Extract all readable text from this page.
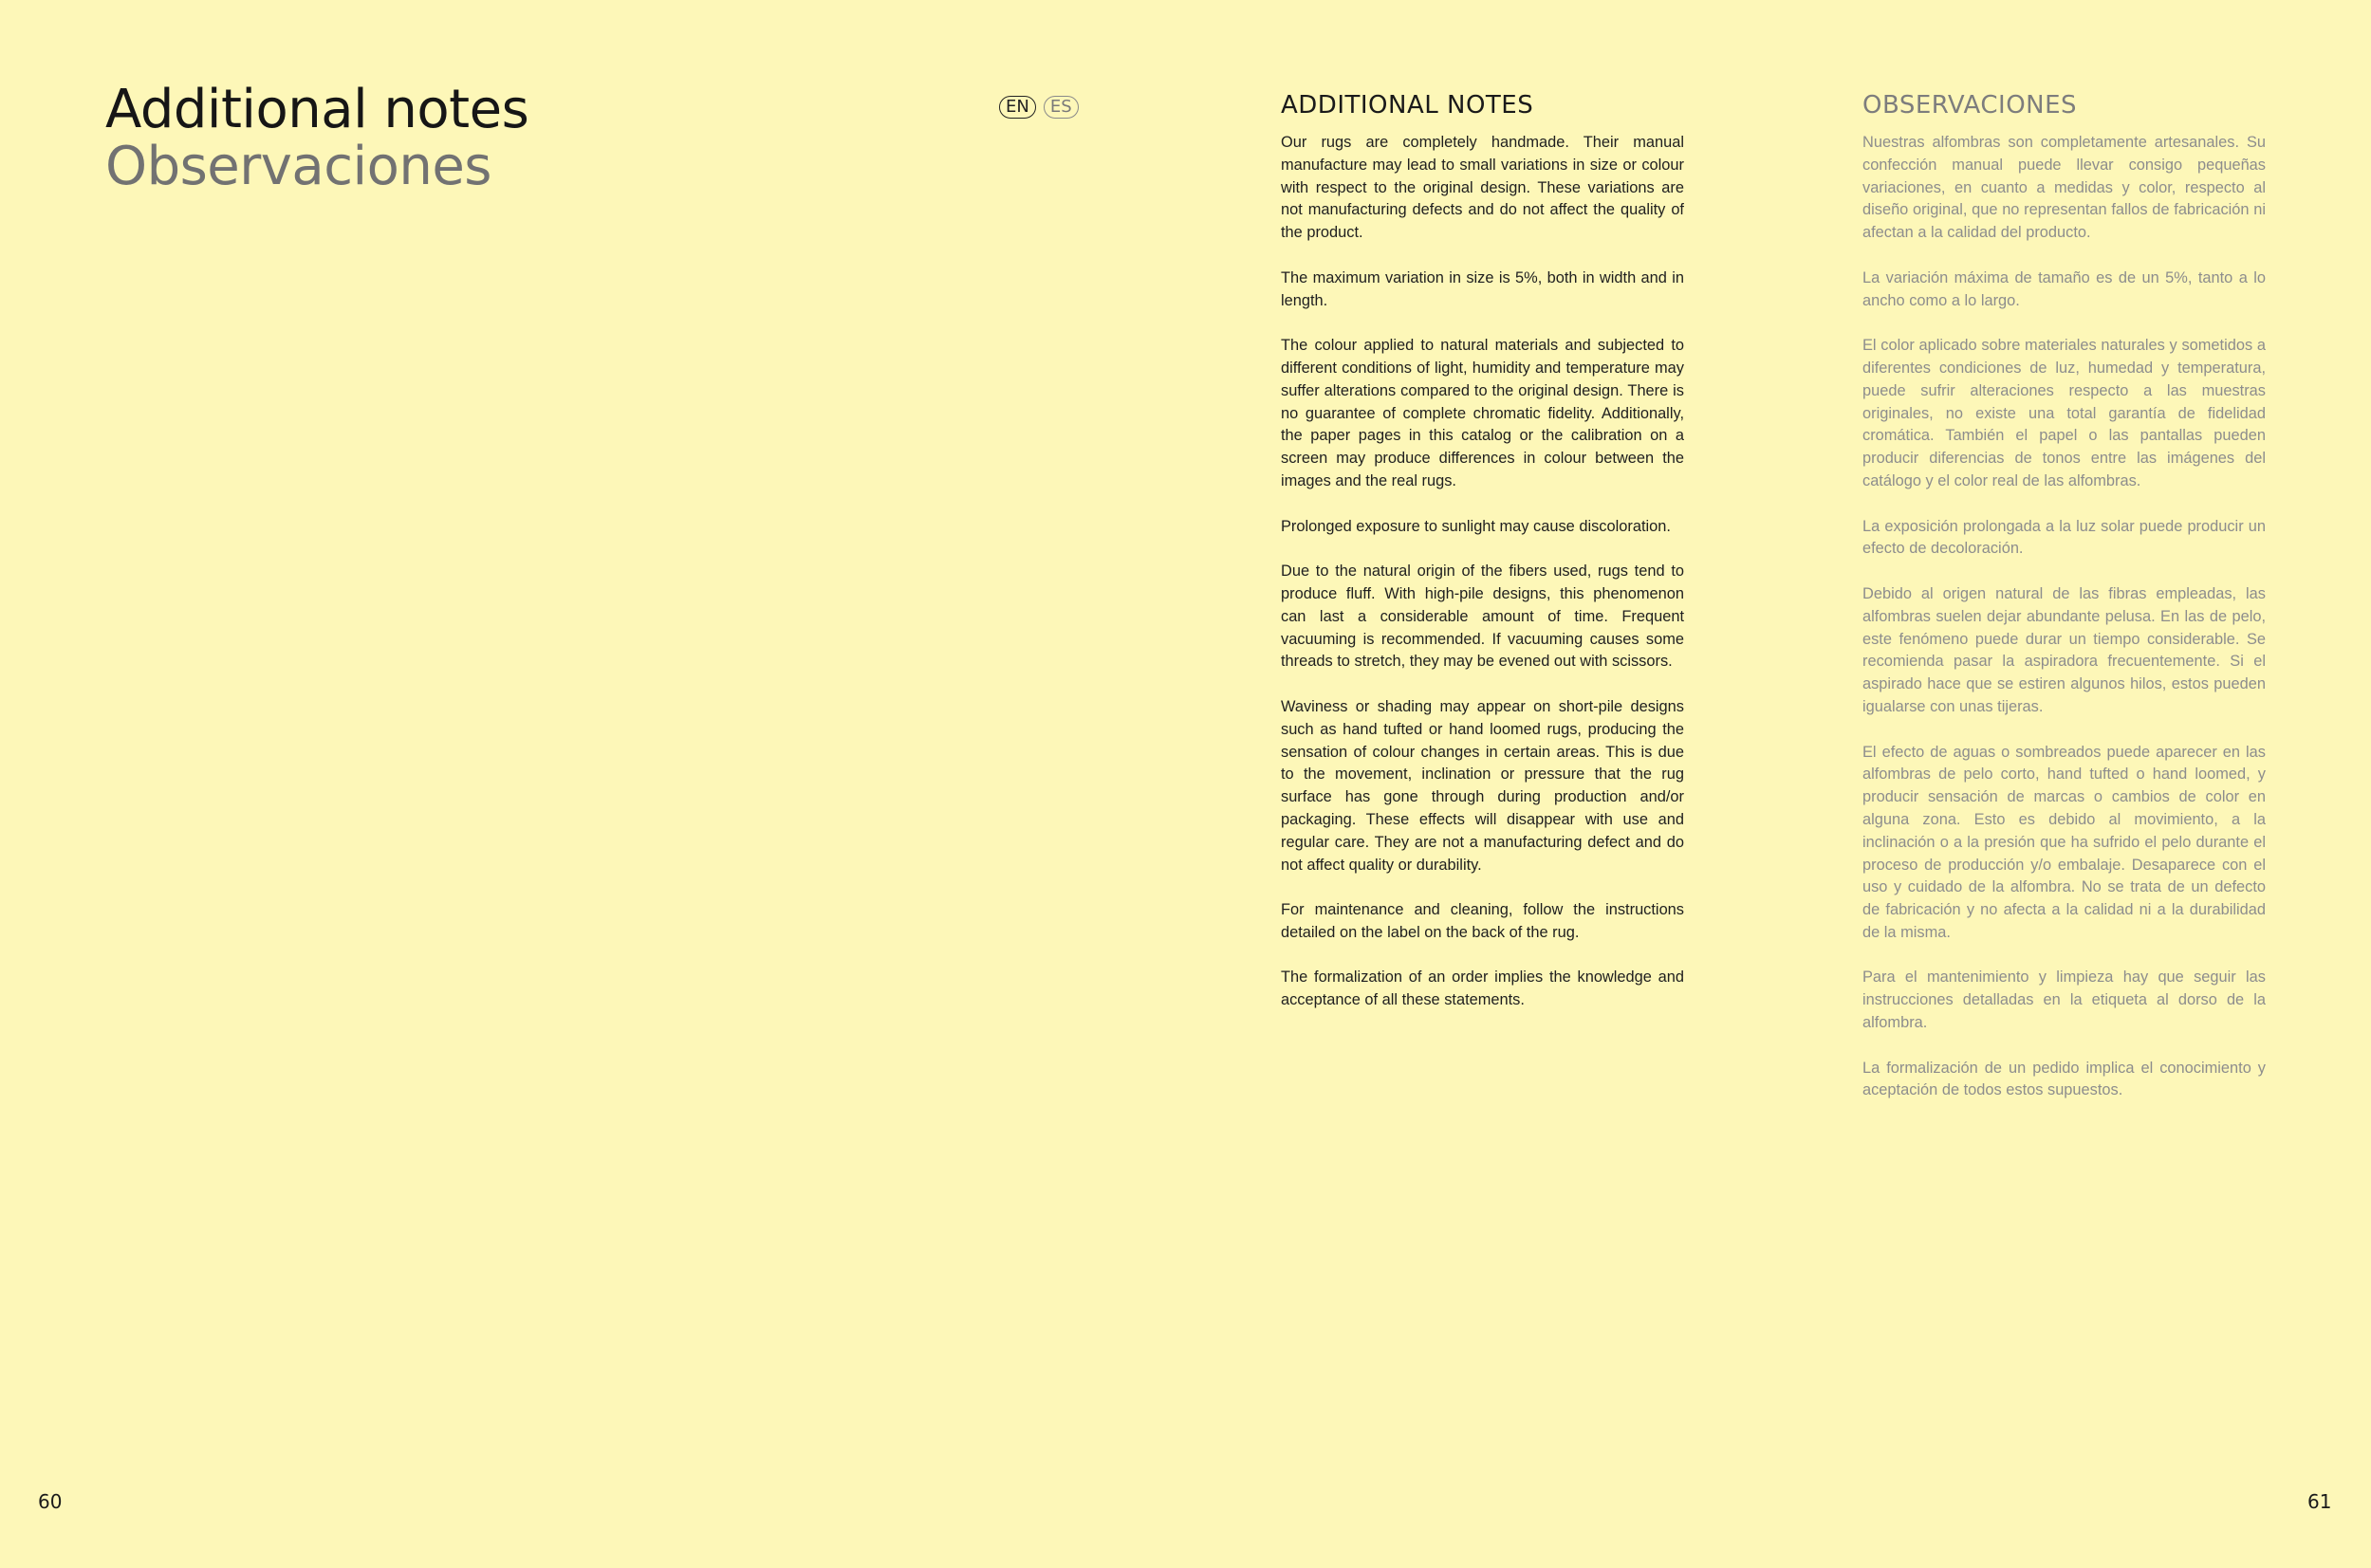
Additional notes
Observaciones
EN	ES	ADDITIONAL NOTES

Our rugs are completely handmade. Their manual manufacture may lead to small variations in size or colour with respect to the original design. These variations are not manufacturing defects and do not affect the quality of the product.

The maximum variation in size is 5%, both in width and in length.

The colour applied to natural materials and subjected to different conditions of light, humidity and temperature may suffer alterations compared to the original design. There is no guarantee of complete chromatic fidelity. Additionally, the paper pages in this catalog or the calibration on a screen may produce differences in colour between the images and the real rugs.

Prolonged exposure to sunlight may cause discoloration.

Due to the natural origin of the fibers used, rugs tend to produce fluff. With high-pile designs, this phenomenon can last a considerable amount of time. Frequent vacuuming is recommended. If vacuuming causes some threads to stretch, they may be evened out with scissors.

Waviness or shading may appear on short-pile designs such as hand tufted or hand loomed rugs, producing the sensation of colour changes in certain areas. This is due to the movement, inclination or pressure that the rug surface has gone through during production and/or packaging. These effects will disappear with use and regular care. They are not a manufacturing defect and do not affect quality or durability.

For maintenance and cleaning, follow the instructions detailed on the label on the back of the rug.

The formalization of an order implies the knowledge and acceptance of all these statements.

OBSERVACIONES

Nuestras alfombras son completamente artesanales. Su confección manual puede llevar consigo pequeñas variaciones, en cuanto a medidas y color, respecto al diseño original, que no representan fallos de fabricación ni afectan a la calidad del producto.

La variación máxima de tamaño es de un 5%, tanto a lo ancho como a lo largo.

El color aplicado sobre materiales naturales y sometidos a diferentes condiciones de luz, humedad y temperatura, puede sufrir alteraciones respecto a las muestras originales, no existe una total garantía de fidelidad cromática. También el papel o las pantallas pueden producir diferencias de tonos entre las imágenes del catálogo y el color real de las alfombras.

La exposición prolongada a la luz solar puede producir un efecto de decoloración.

Debido al origen natural de las fibras empleadas, las alfombras suelen dejar abundante pelusa. En las de pelo, este fenómeno puede durar un tiempo considerable. Se recomienda pasar la aspiradora frecuentemente. Si el aspirado hace que se estiren algunos hilos, estos pueden igualarse con unas tijeras.

El efecto de aguas o sombreados puede aparecer en las alfombras de pelo corto, hand tufted o hand loomed, y producir sensación de marcas o cambios de color en alguna zona. Esto es debido al movimiento, a la inclinación o a la presión que ha sufrido el pelo durante el proceso de producción y/o embalaje. Desaparece con el uso y cuidado de la alfombra. No se trata de un defecto de fabricación y no afecta a la calidad ni a la durabilidad de la misma.

Para el mantenimiento y limpieza hay que seguir las instrucciones detalladas en la etiqueta al dorso de la alfombra.

La formalización de un pedido implica el conocimiento y aceptación de todos estos supuestos.

60	61
